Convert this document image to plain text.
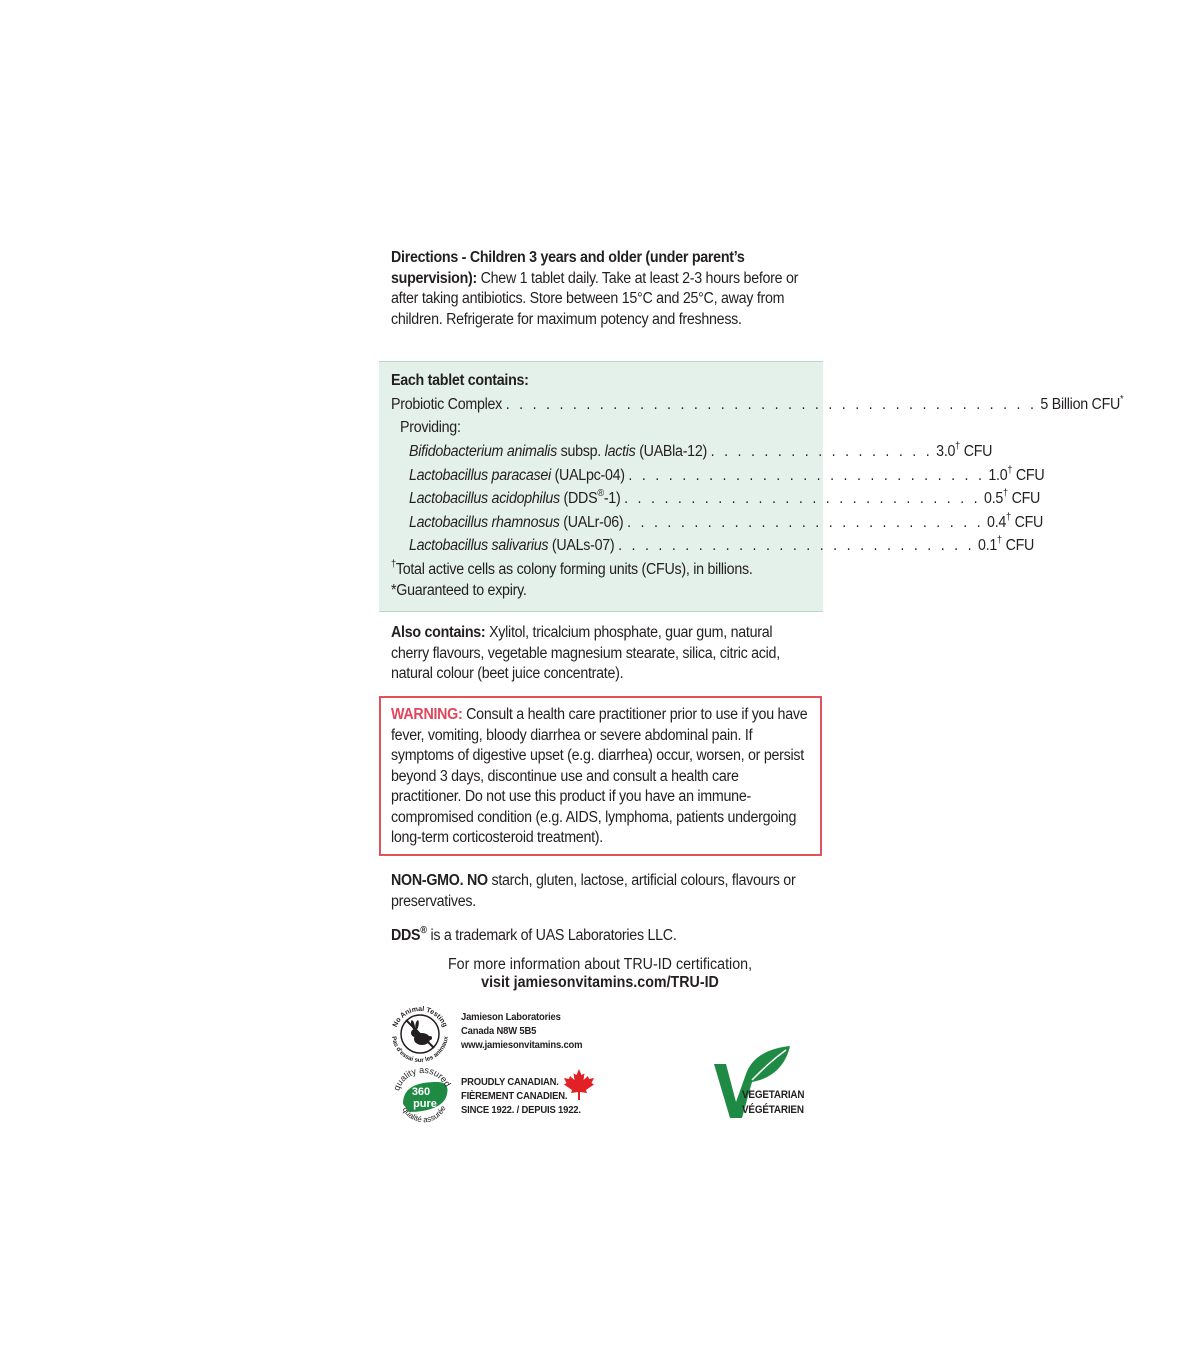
Directions - Children 3 years and older (under parent’s supervision): Chew 1 tablet daily. Take at least 2-3 hours before or after taking antibiotics. Store between 15°C and 25°C, away from children. Refrigerate for maximum potency and freshness.
Each tablet contains:
Probiotic Complex . . . . . . . . . . . . . . . . . . . . . . . . . . . . . . . . . . . . . . . . 5 Billion CFU*
Providing:
Bifidobacterium animalis subsp. lactis (UABla-12) . . . . . . . . . . . . . . . . . 3.0† CFU
Lactobacillus paracasei (UALpc-04) . . . . . . . . . . . . . . . . . . . . . . . . . . . 1.0† CFU
Lactobacillus acidophilus (DDS®-1) . . . . . . . . . . . . . . . . . . . . . . . . . . . 0.5† CFU
Lactobacillus rhamnosus (UALr-06) . . . . . . . . . . . . . . . . . . . . . . . . . . . 0.4† CFU
Lactobacillus salivarius (UALs-07) . . . . . . . . . . . . . . . . . . . . . . . . . . . 0.1† CFU
†Total active cells as colony forming units (CFUs), in billions.
*Guaranteed to expiry.
Also contains: Xylitol, tricalcium phosphate, guar gum, natural cherry flavours, vegetable magnesium stearate, silica, citric acid, natural colour (beet juice concentrate).
WARNING: Consult a health care practitioner prior to use if you have fever, vomiting, bloody diarrhea or severe abdominal pain. If symptoms of digestive upset (e.g. diarrhea) occur, worsen, or persist beyond 3 days, discontinue use and consult a health care practitioner. Do not use this product if you have an immune-compromised condition (e.g. AIDS, lymphoma, patients undergoing long-term corticosteroid treatment).
NON-GMO. NO starch, gluten, lactose, artificial colours, flavours or preservatives.
DDS® is a trademark of UAS Laboratories LLC.
For more information about TRU-ID certification,
visit jamiesonvitamins.com/TRU-ID
No Animal Testing
Pas d’essai sur les animaux
360
pure
quality assured
qualité assurée
Jamieson Laboratories
Canada N8W 5B5
www.jamiesonvitamins.com
PROUDLY CANADIAN.
FIÈREMENT CANADIEN.
SINCE 1922. / DEPUIS 1922.
VEGETARIAN
VÉGÉTARIEN
